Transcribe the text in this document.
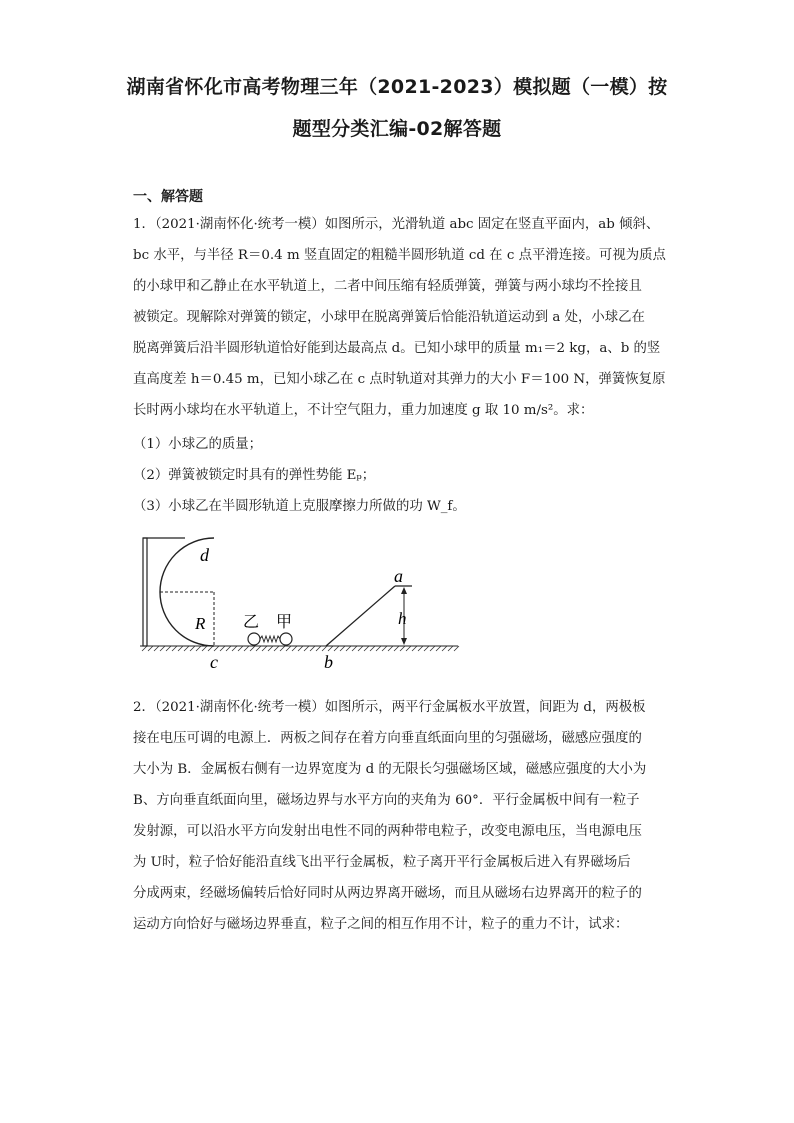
湖南省怀化市高考物理三年（2021-2023）模拟题（一模）按
题型分类汇编-02解答题
一、解答题
1．（2021·湖南怀化·统考一模）如图所示，光滑轨道 abc 固定在竖直平面内，ab 倾斜、
bc 水平，与半径 R＝0.4 m 竖直固定的粗糙半圆形轨道 cd 在 c 点平滑连接。可视为质点
的小球甲和乙静止在水平轨道上，二者中间压缩有轻质弹簧，弹簧与两小球均不拴接且
被锁定。现解除对弹簧的锁定，小球甲在脱离弹簧后恰能沿轨道运动到 a 处，小球乙在
脱离弹簧后沿半圆形轨道恰好能到达最高点 d。已知小球甲的质量 m₁＝2 kg，a、b 的竖
直高度差 h＝0.45 m，已知小球乙在 c 点时轨道对其弹力的大小 F＝100 N，弹簧恢复原
长时两小球均在水平轨道上，不计空气阻力，重力加速度 g 取 10 m/s²。求：
（1）小球乙的质量；
（2）弹簧被锁定时具有的弹性势能 Eₚ；
（3）小球乙在半圆形轨道上克服摩擦力所做的功 W_f。
d
R 乙 甲
a
h
c	b
2．（2021·湖南怀化·统考一模）如图所示，两平行金属板水平放置，间距为 d，两极板
接在电压可调的电源上．两板之间存在着方向垂直纸面向里的匀强磁场，磁感应强度的
大小为 B．金属板右侧有一边界宽度为 d 的无限长匀强磁场区域，磁感应强度的大小为
B、方向垂直纸面向里，磁场边界与水平方向的夹角为 60°．平行金属板中间有一粒子
发射源，可以沿水平方向发射出电性不同的两种带电粒子，改变电源电压，当电源电压
为 U时，粒子恰好能沿直线飞出平行金属板，粒子离开平行金属板后进入有界磁场后
分成两束，经磁场偏转后恰好同时从两边界离开磁场，而且从磁场右边界离开的粒子的
运动方向恰好与磁场边界垂直，粒子之间的相互作用不计，粒子的重力不计，试求：
